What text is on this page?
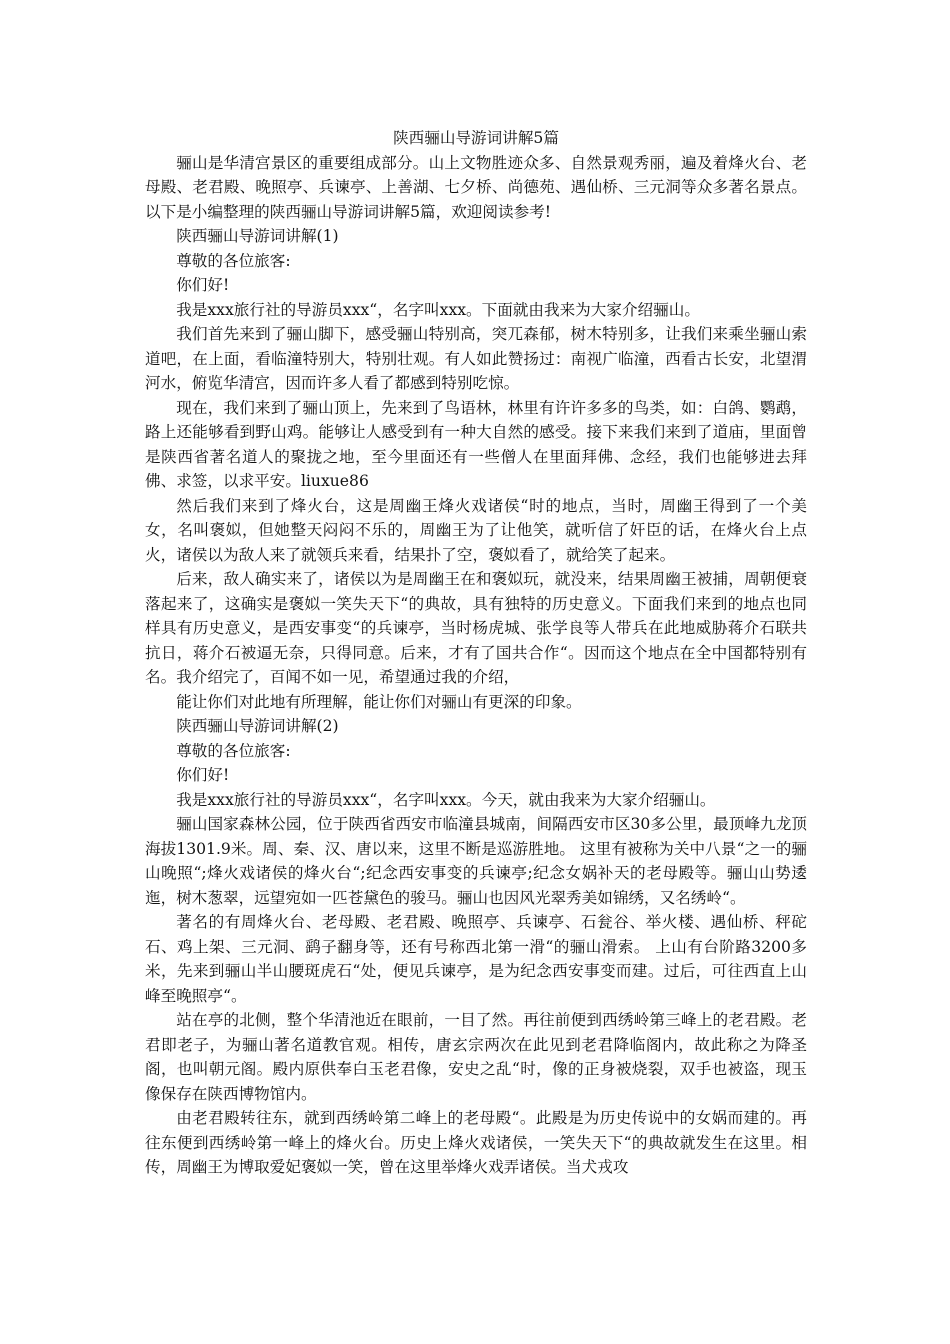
陕西骊山导游词讲解5篇

骊山是华清宫景区的重要组成部分。山上文物胜迹众多、自然景观秀丽，遍及着烽火台、老母殿、老君殿、晚照亭、兵谏亭、上善湖、七夕桥、尚德苑、遇仙桥、三元洞等众多著名景点。以下是小编整理的陕西骊山导游词讲解5篇，欢迎阅读参考!

陕西骊山导游词讲解(1)

尊敬的各位旅客:

你们好!

我是xxx旅行社的导游员xxx“，名字叫xxx。下面就由我来为大家介绍骊山。

我们首先来到了骊山脚下，感受骊山特别高，突兀森郁，树木特别多，让我们来乘坐骊山索道吧，在上面，看临潼特别大，特别壮观。有人如此赞扬过：南视广临潼，西看古长安，北望渭河水，俯览华清宫，因而许多人看了都感到特别吃惊。

现在，我们来到了骊山顶上，先来到了鸟语林，林里有许许多多的鸟类，如：白鸽、鹦鹉，路上还能够看到野山鸡。能够让人感受到有一种大自然的感受。接下来我们来到了道庙，里面曾是陕西省著名道人的聚拢之地，至今里面还有一些僧人在里面拜佛、念经，我们也能够进去拜佛、求签，以求平安。liuxue86

然后我们来到了烽火台，这是周幽王烽火戏诸侯“时的地点，当时，周幽王得到了一个美女，名叫褒姒，但她整天闷闷不乐的，周幽王为了让他笑，就听信了奸臣的话，在烽火台上点火，诸侯以为敌人来了就领兵来看，结果扑了空，褒姒看了，就给笑了起来。

后来，敌人确实来了，诸侯以为是周幽王在和褒姒玩，就没来，结果周幽王被捕，周朝便衰落起来了，这确实是褒姒一笑失天下“的典故，具有独特的历史意义。下面我们来到的地点也同样具有历史意义，是西安事变“的兵谏亭，当时杨虎城、张学良等人带兵在此地威胁蒋介石联共抗日，蒋介石被逼无奈，只得同意。后来，才有了国共合作“。因而这个地点在全中国都特别有名。我介绍完了，百闻不如一见，希望通过我的介绍，

能让你们对此地有所理解，能让你们对骊山有更深的印象。

陕西骊山导游词讲解(2)

尊敬的各位旅客:

你们好!

我是xxx旅行社的导游员xxx“，名字叫xxx。今天，就由我来为大家介绍骊山。

骊山国家森林公园，位于陕西省西安市临潼县城南，间隔西安市区30多公里，最顶峰九龙顶海拔1301.9米。周、秦、汉、唐以来，这里不断是巡游胜地。 这里有被称为关中八景“之一的骊山晚照“;烽火戏诸侯的烽火台“;纪念西安事变的兵谏亭;纪念女娲补天的老母殿等。骊山山势逶迤，树木葱翠，远望宛如一匹苍黛色的骏马。骊山也因风光翠秀美如锦绣，又名绣岭“。

著名的有周烽火台、老母殿、老君殿、晚照亭、兵谏亭、石瓮谷、举火楼、遇仙桥、秤砣石、鸡上架、三元洞、鹞子翻身等，还有号称西北第一滑“的骊山滑索。 上山有台阶路3200多米，先来到骊山半山腰斑虎石“处，便见兵谏亭，是为纪念西安事变而建。过后，可往西直上山峰至晚照亭“。

站在亭的北侧，整个华清池近在眼前，一目了然。再往前便到西绣岭第三峰上的老君殿。老君即老子，为骊山著名道教官观。相传，唐玄宗两次在此见到老君降临阁内，故此称之为降圣阁，也叫朝元阁。殿内原供奉白玉老君像，安史之乱“时，像的正身被烧裂，双手也被盗，现玉像保存在陕西博物馆内。

由老君殿转往东，就到西绣岭第二峰上的老母殿“。此殿是为历史传说中的女娲而建的。再往东便到西绣岭第一峰上的烽火台。历史上烽火戏诸侯，一笑失天下“的典故就发生在这里。相传，周幽王为博取爱妃褒姒一笑，曾在这里举烽火戏弄诸侯。当犬戎攻
